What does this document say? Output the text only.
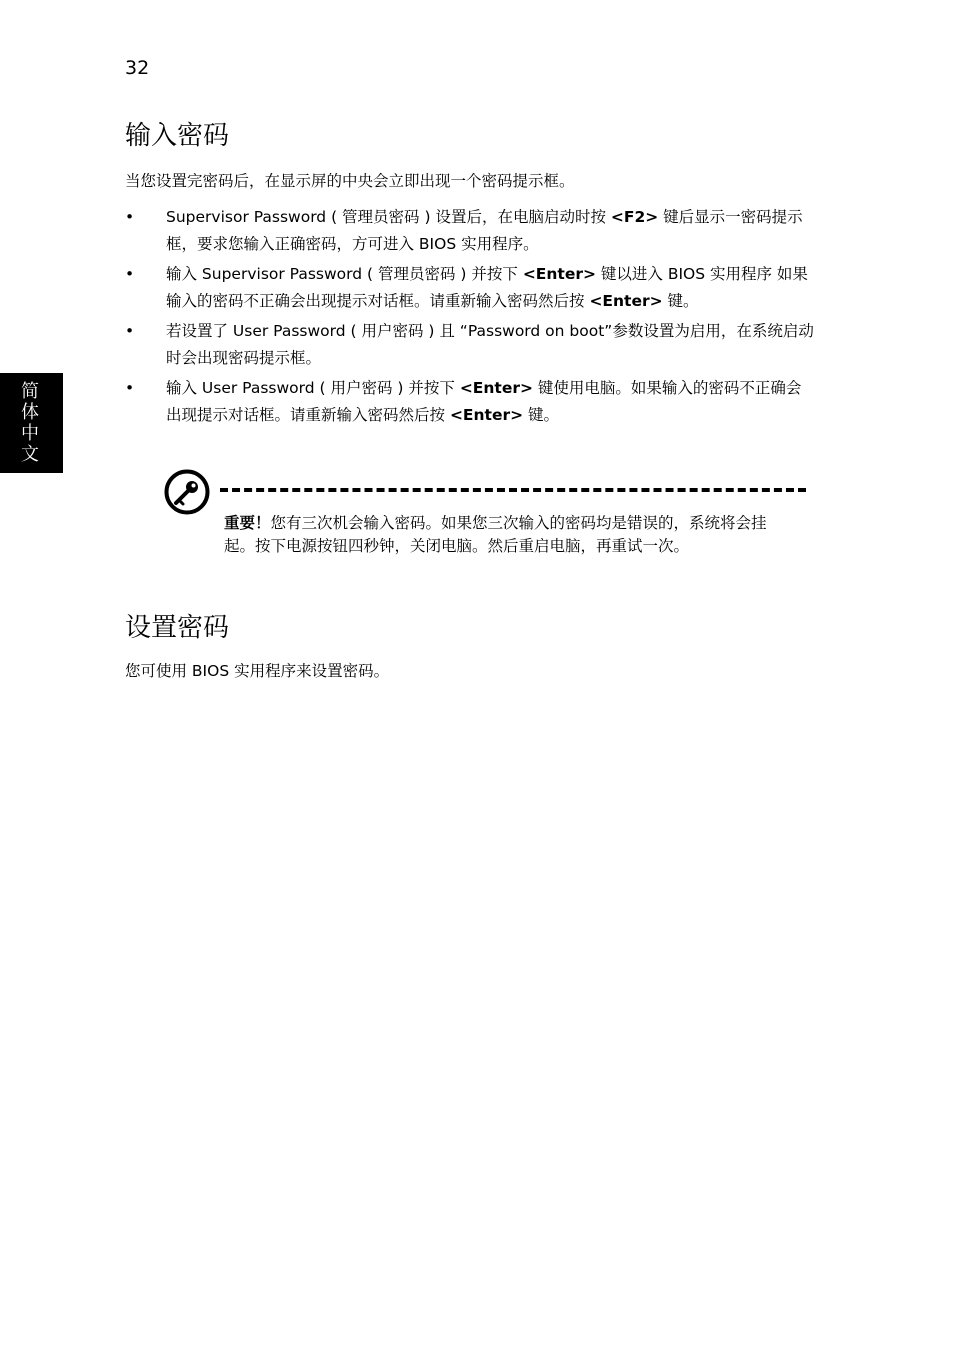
32
简体中文
输入密码

当您设置完密码后，在显示屏的中央会立即出现一个密码提示框。

• Supervisor Password ( 管理员密码 ) 设置后，在电脑启动时按 <F2> 键后显示一密码提示框，要求您输入正确密码，方可进入 BIOS 实用程序。
• 输入 Supervisor Password ( 管理员密码 ) 并按下 <Enter> 键以进入 BIOS 实用程序 如果输入的密码不正确会出现提示对话框。请重新输入密码然后按 <Enter> 键。
• 若设置了 User Password ( 用户密码 ) 且 “Password on boot”参数设置为启用，在系统启动时会出现密码提示框。
• 输入 User Password ( 用户密码 ) 并按下 <Enter> 键使用电脑。如果输入的密码不正确会出现提示对话框。请重新输入密码然后按 <Enter> 键。
重要！您有三次机会输入密码。如果您三次输入的密码均是错误的，系统将会挂起。按下电源按钮四秒钟，关闭电脑。然后重启电脑，再重试一次。
设置密码

您可使用 BIOS 实用程序来设置密码。
